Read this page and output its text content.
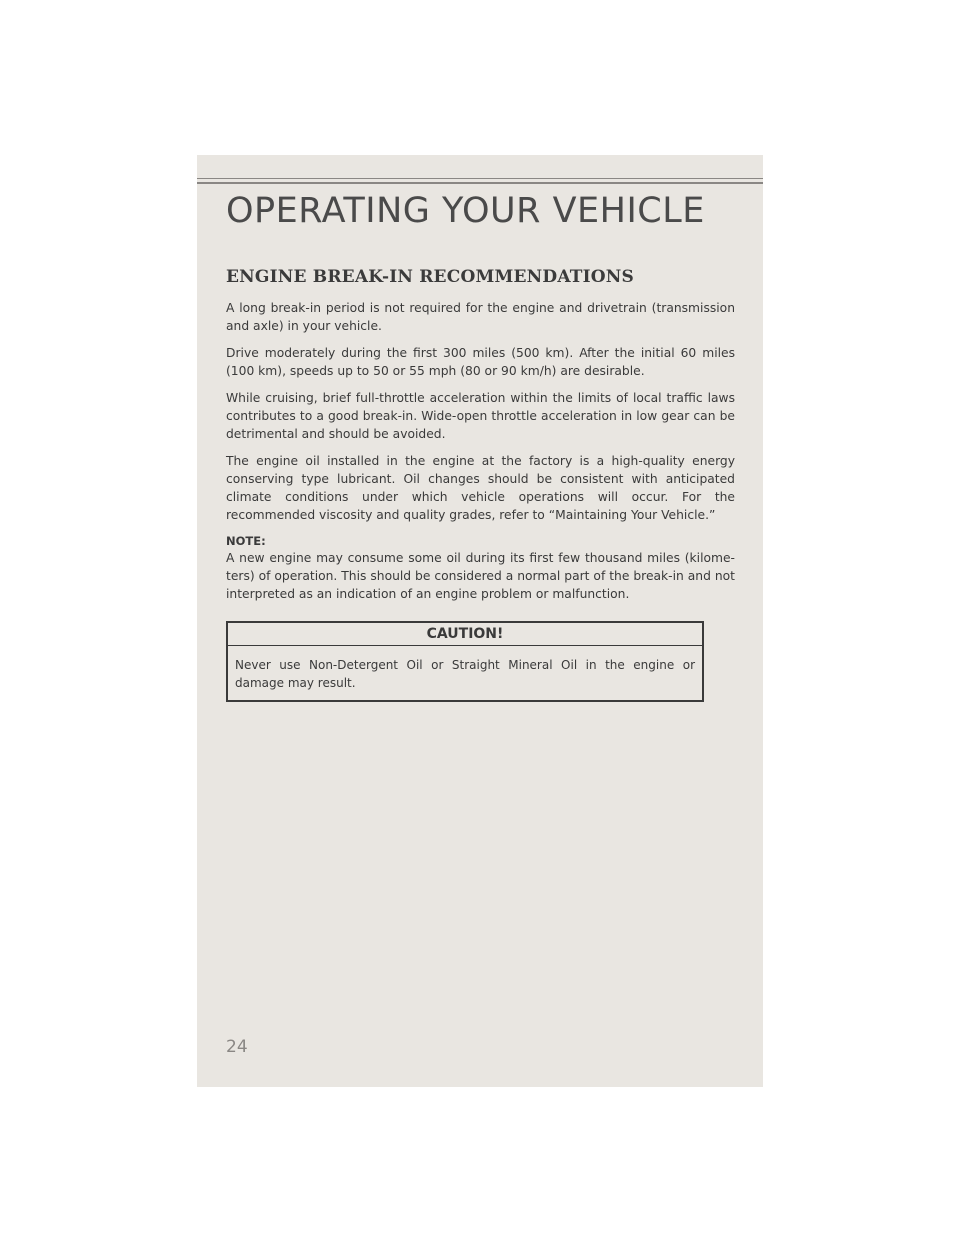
OPERATING YOUR VEHICLE
ENGINE BREAK-IN RECOMMENDATIONS

A long break-in period is not required for the engine and drivetrain (transmission and axle) in your vehicle.

Drive moderately during the first 300 miles (500 km). After the initial 60 miles (100 km), speeds up to 50 or 55 mph (80 or 90 km/h) are desirable.

While cruising, brief full-throttle acceleration within the limits of local traffic laws contributes to a good break-in. Wide-open throttle acceleration in low gear can be detrimental and should be avoided.

The engine oil installed in the engine at the factory is a high-quality energy conserving type lubricant. Oil changes should be consistent with anticipated climate conditions under which vehicle operations will occur. For the recommended viscosity and quality grades, refer to “Maintaining Your Vehicle.”

NOTE:

A new engine may consume some oil during its first few thousand miles (kilome-ters) of operation. This should be considered a normal part of the break-in and not interpreted as an indication of an engine problem or malfunction.

CAUTION!
Never use Non-Detergent Oil or Straight Mineral Oil in the engine or damage may result.
24
